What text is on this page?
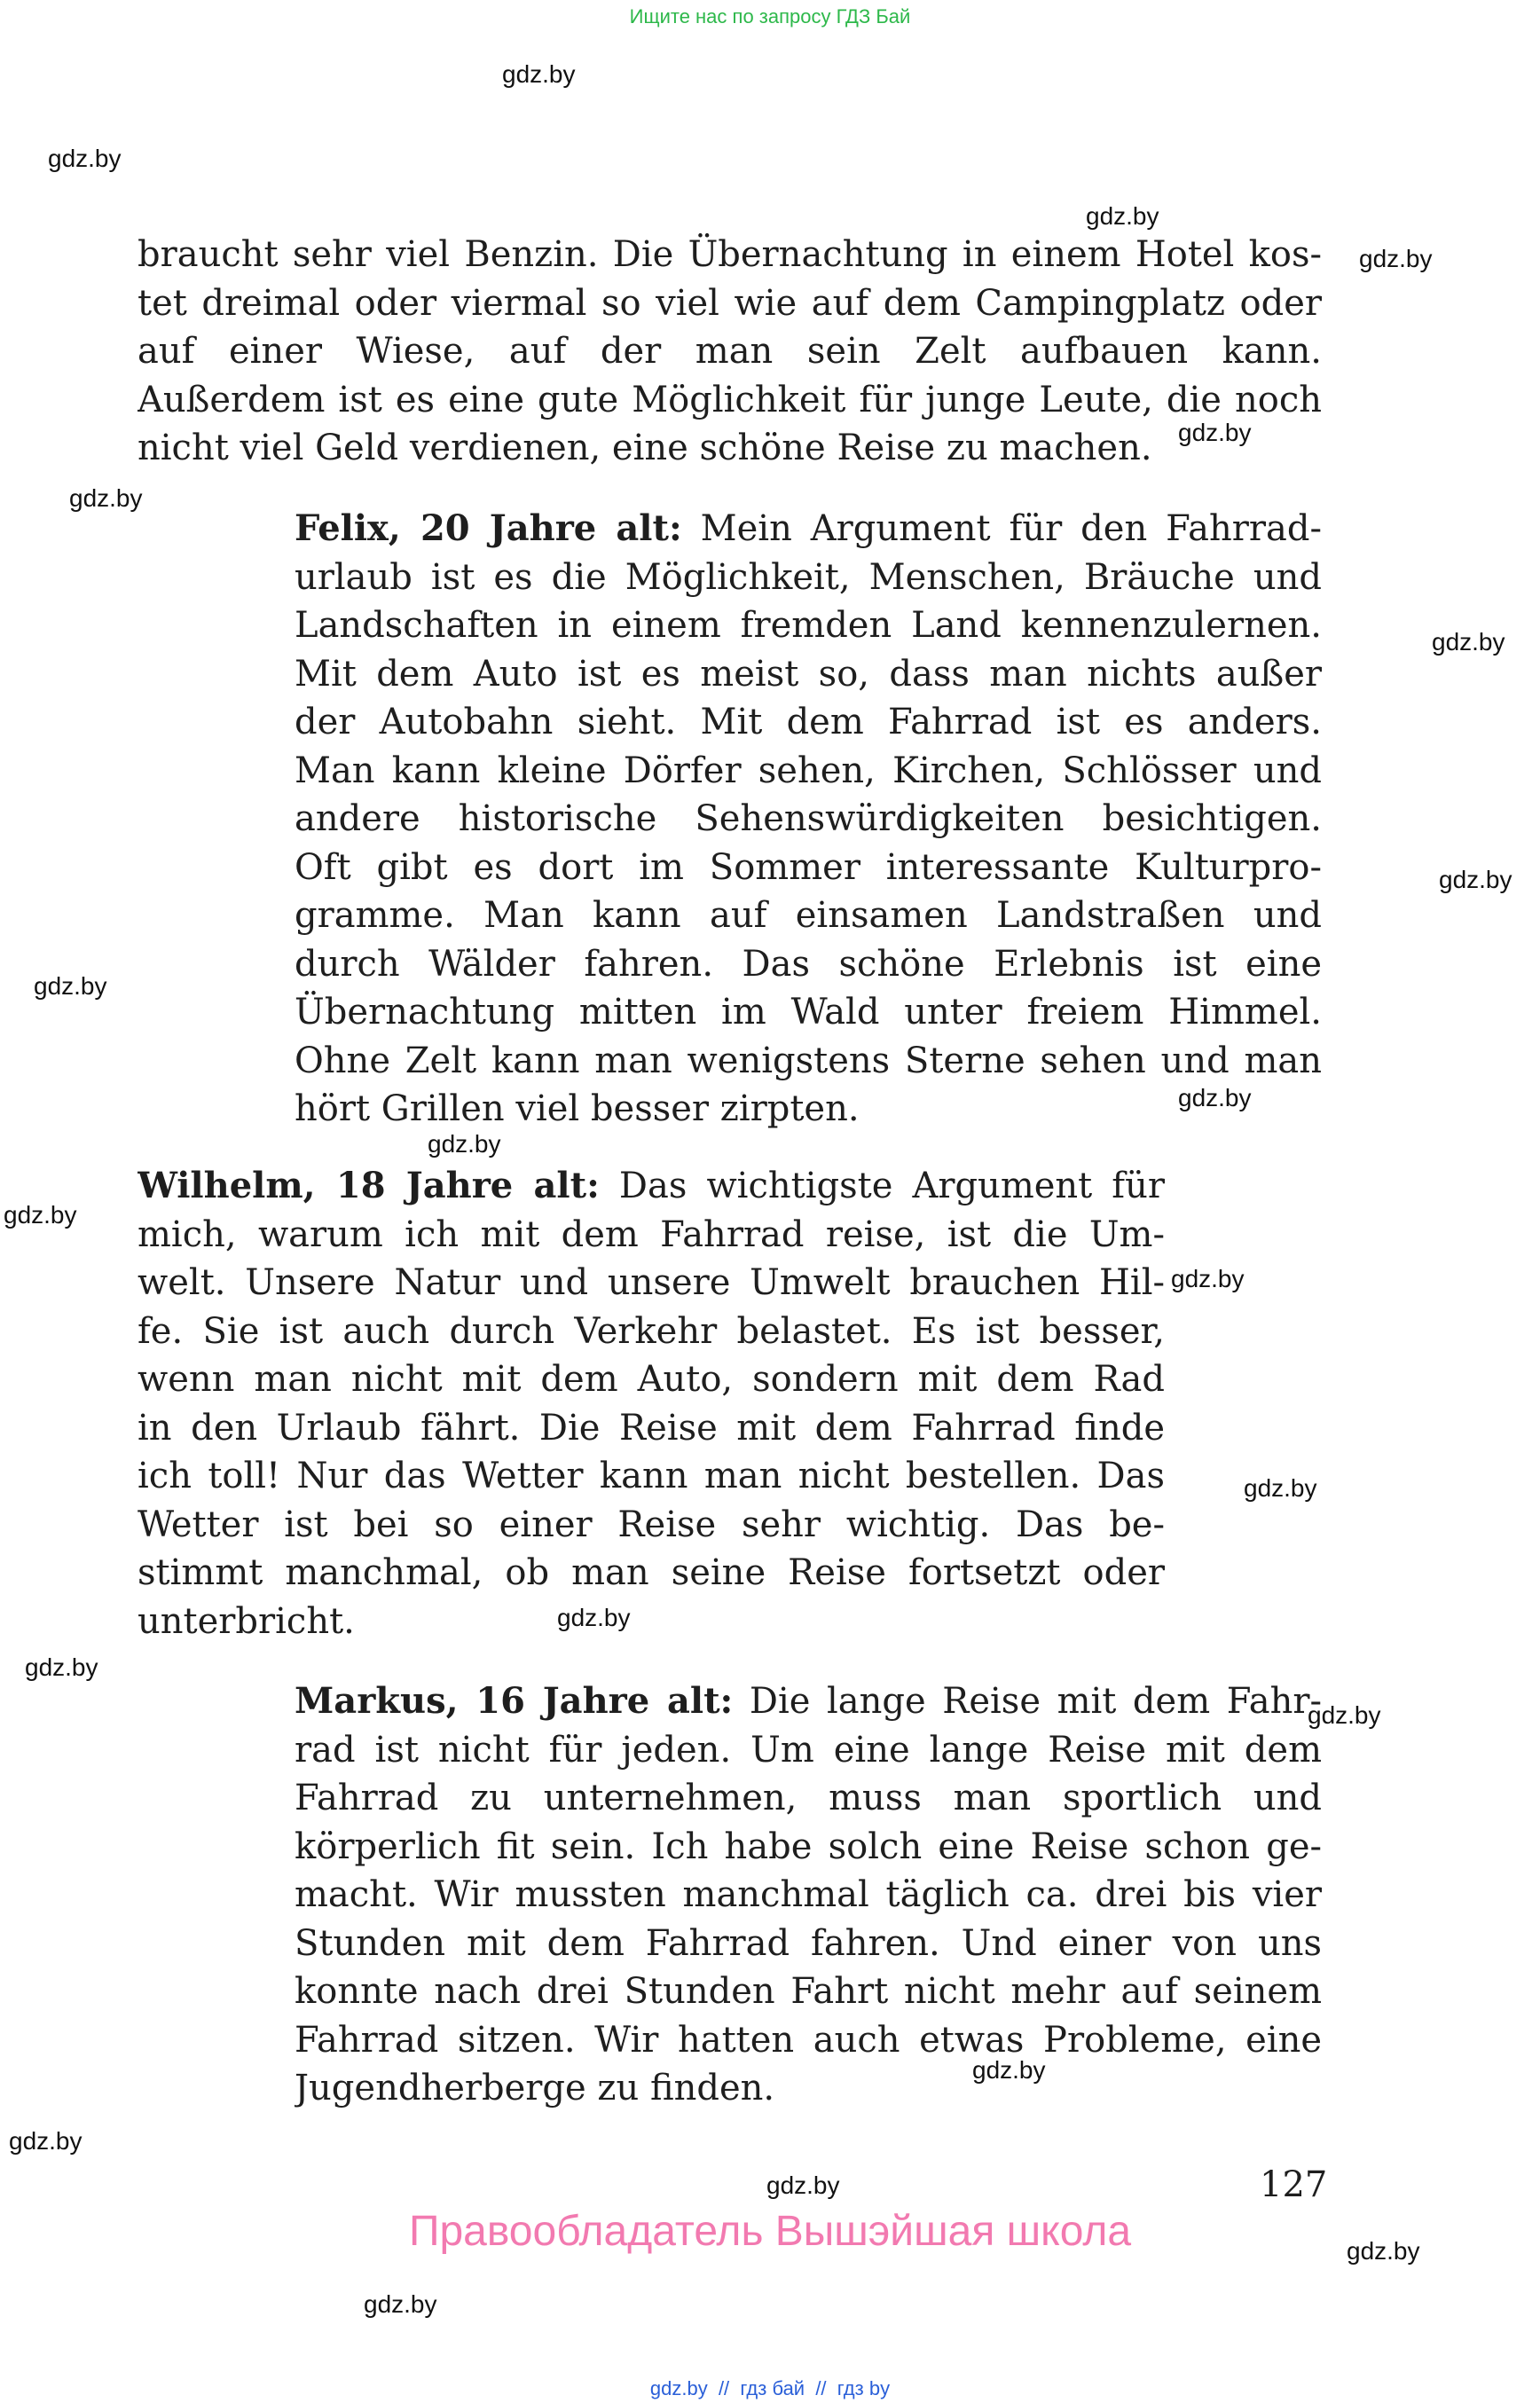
Ищите нас по запросу ГДЗ Бай
gdz.by
gdz.by
gdz.by
gdz.by
gdz.by
gdz.by
gdz.by
gdz.by
gdz.by
gdz.by
gdz.by
gdz.by
gdz.by
gdz.by
gdz.by
gdz.by
gdz.by
gdz.by
gdz.by
gdz.by
gdz.by
gdz.by
braucht sehr viel Benzin. Die Übernachtung in einem Hotel kos-
tet dreimal oder viermal so viel wie auf dem Campingplatz oder
auf einer Wiese, auf der man sein Zelt aufbauen kann.
Außerdem ist es eine gute Möglichkeit für junge Leute, die noch
nicht viel Geld verdienen, eine schöne Reise zu machen.
Felix, 20 Jahre alt: Mein Argument für den Fahrrad-
urlaub ist es die Möglichkeit, Menschen, Bräuche und
Landschaften in einem fremden Land kennenzulernen.
Mit dem Auto ist es meist so, dass man nichts außer
der Autobahn sieht. Mit dem Fahrrad ist es anders.
Man kann kleine Dörfer sehen, Kirchen, Schlösser und
andere historische Sehenswürdigkeiten besichtigen.
Oft gibt es dort im Sommer interessante Kulturpro-
gramme. Man kann auf einsamen Landstraßen und
durch Wälder fahren. Das schöne Erlebnis ist eine
Übernachtung mitten im Wald unter freiem Himmel.
Ohne Zelt kann man wenigstens Sterne sehen und man
hört Grillen viel besser zirpten.
Wilhelm, 18 Jahre alt: Das wichtigste Argument für
mich, warum ich mit dem Fahrrad reise, ist die Um-
welt. Unsere Natur und unsere Umwelt brauchen Hil-
fe. Sie ist auch durch Verkehr belastet. Es ist besser,
wenn man nicht mit dem Auto, sondern mit dem Rad
in den Urlaub fährt. Die Reise mit dem Fahrrad finde
ich toll! Nur das Wetter kann man nicht bestellen. Das
Wetter ist bei so einer Reise sehr wichtig. Das be-
stimmt manchmal, ob man seine Reise fortsetzt oder
unterbricht.
Markus, 16 Jahre alt: Die lange Reise mit dem Fahr-
rad ist nicht für jeden. Um eine lange Reise mit dem
Fahrrad zu unternehmen, muss man sportlich und
körperlich fit sein. Ich habe solch eine Reise schon ge-
macht. Wir mussten manchmal täglich ca. drei bis vier
Stunden mit dem Fahrrad fahren. Und einer von uns
konnte nach drei Stunden Fahrt nicht mehr auf seinem
Fahrrad sitzen. Wir hatten auch etwas Probleme, eine
Jugendherberge zu finden.
127
Правообладатель Вышэйшая школа
gdz.by  //  гдз бай  //  гдз by
